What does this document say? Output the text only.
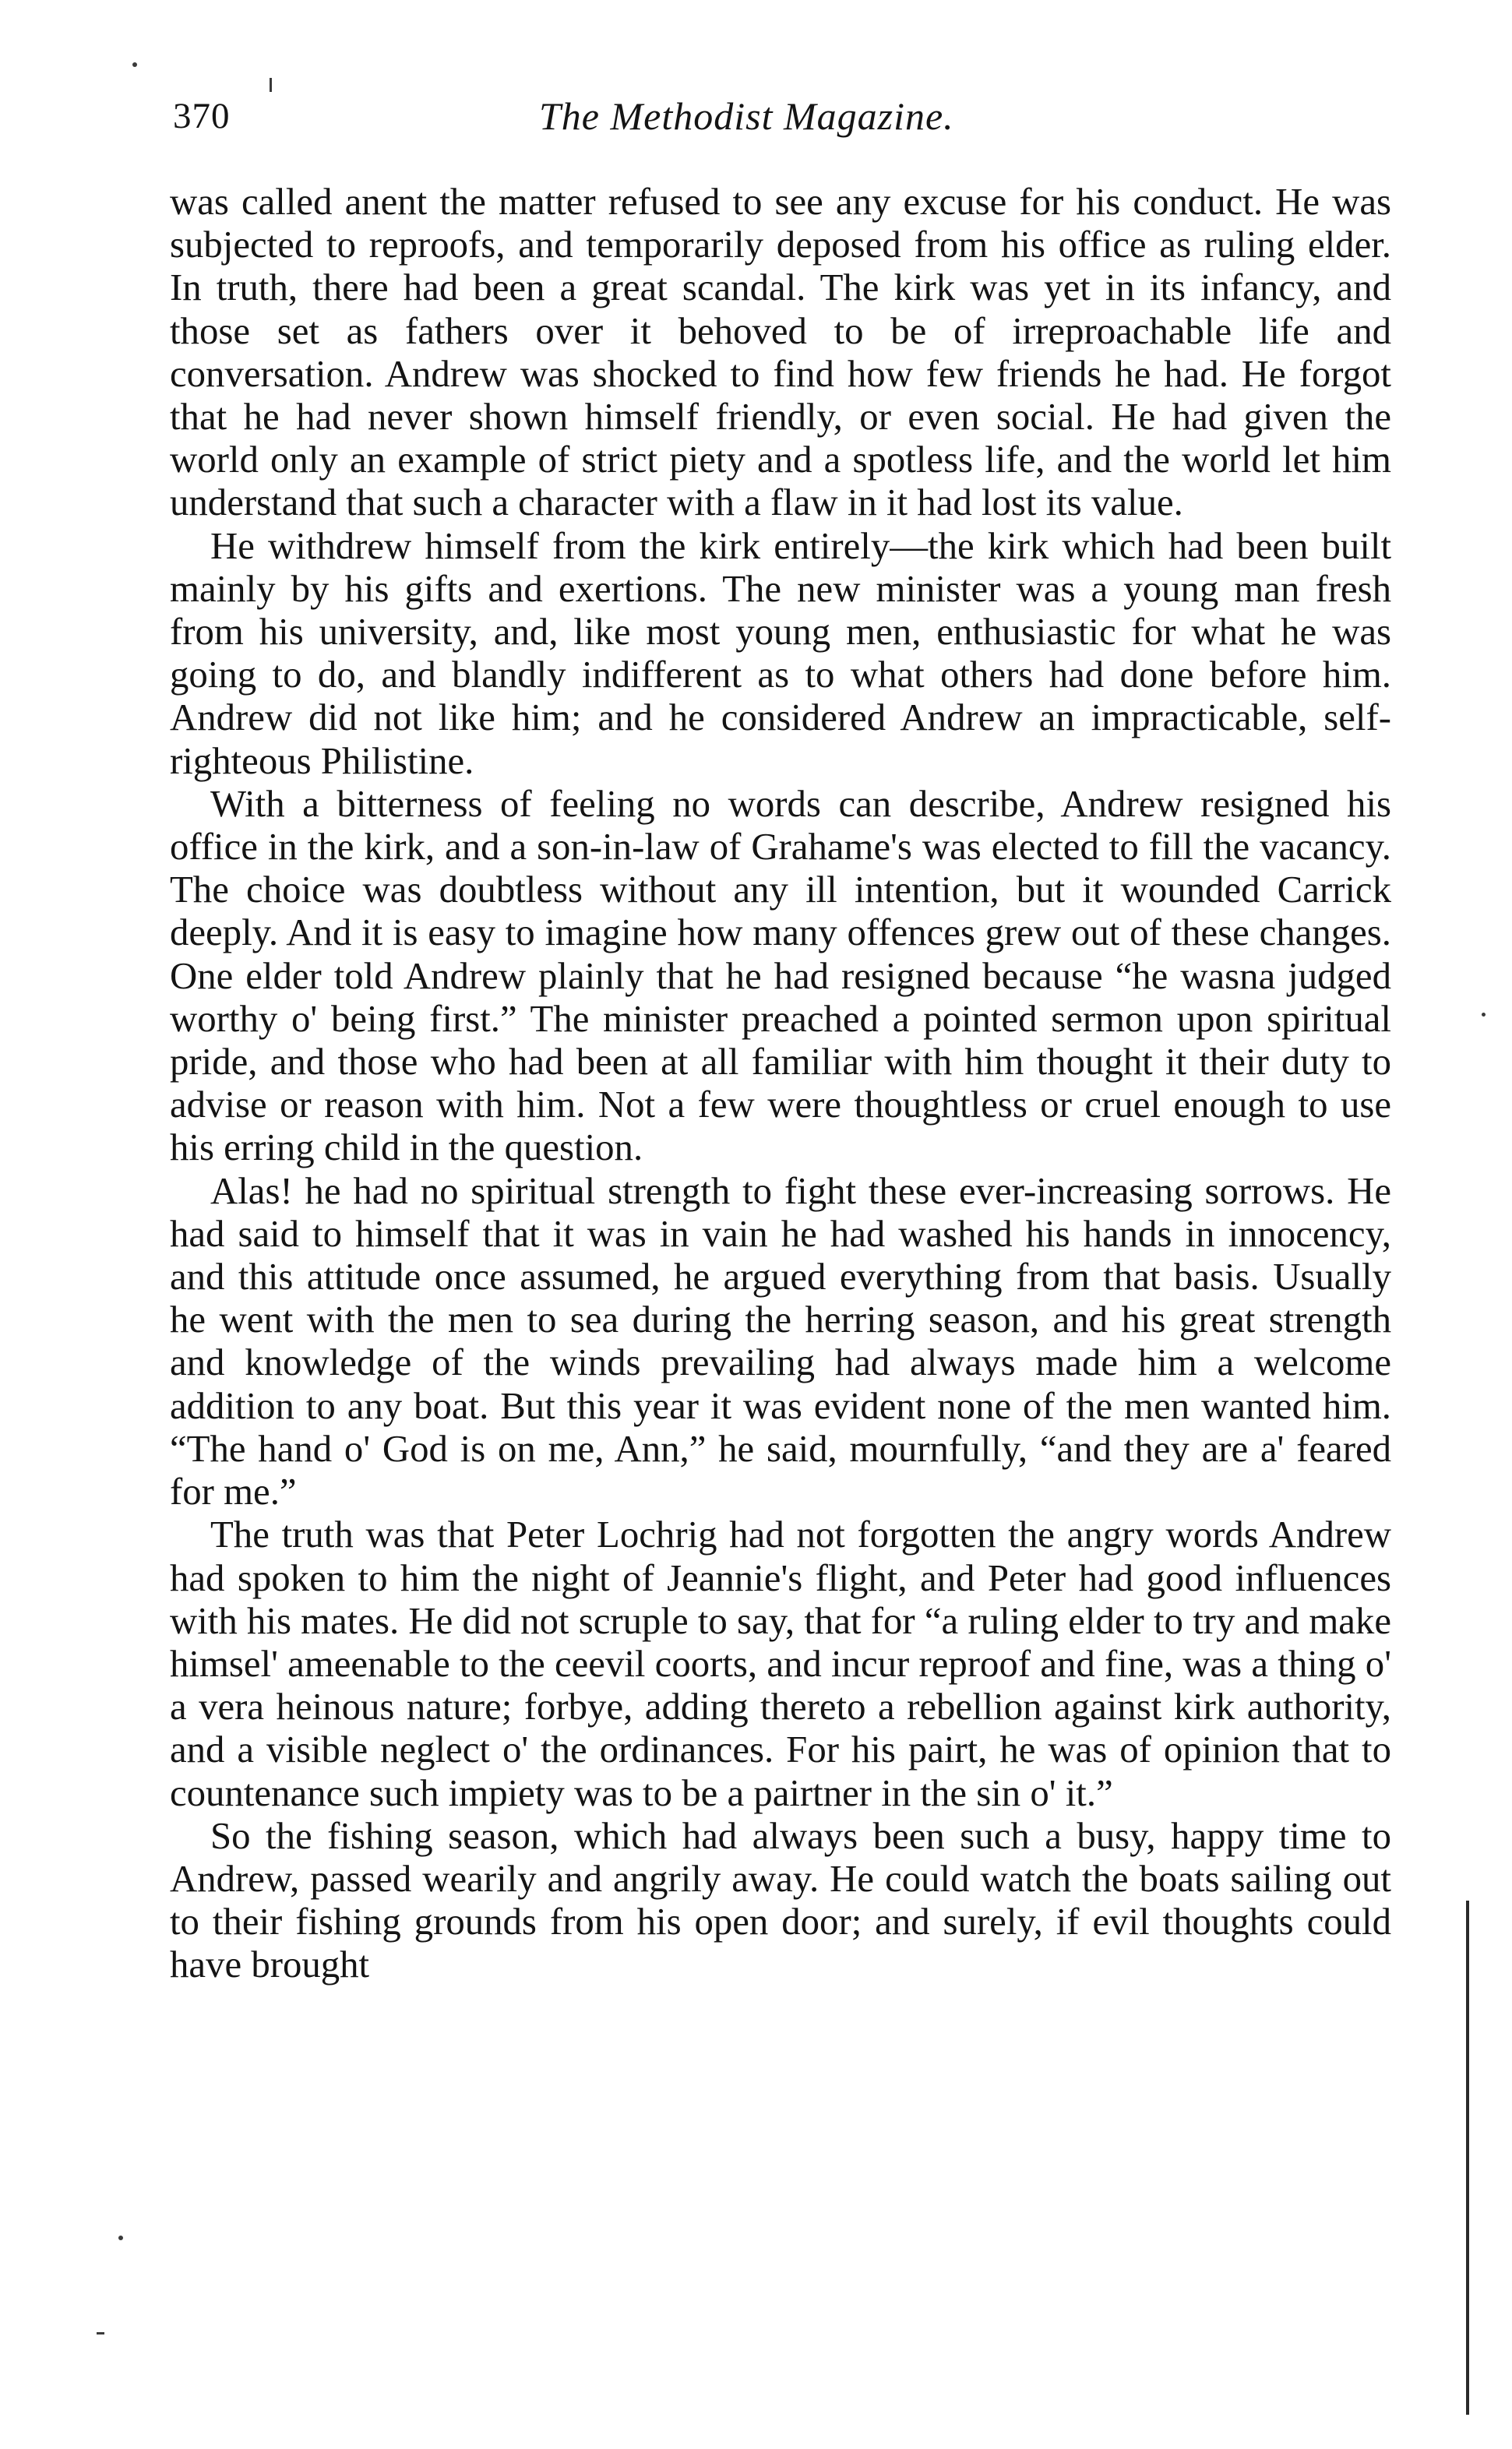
370	The Methodist Magazine.

was called anent the matter refused to see any excuse for his conduct. He was subjected to reproofs, and temporarily deposed from his office as ruling elder. In truth, there had been a great scandal. The kirk was yet in its infancy, and those set as fathers over it behoved to be of irreproachable life and conversation. Andrew was shocked to find how few friends he had. He forgot that he had never shown himself friendly, or even social. He had given the world only an example of strict piety and a spotless life, and the world let him understand that such a character with a flaw in it had lost its value.

He withdrew himself from the kirk entirely—the kirk which had been built mainly by his gifts and exertions. The new minister was a young man fresh from his university, and, like most young men, enthusiastic for what he was going to do, and blandly indifferent as to what others had done before him. Andrew did not like him; and he considered Andrew an impracticable, self-righteous Philistine.

With a bitterness of feeling no words can describe, Andrew resigned his office in the kirk, and a son-in-law of Grahame's was elected to fill the vacancy. The choice was doubtless without any ill intention, but it wounded Carrick deeply. And it is easy to imagine how many offences grew out of these changes. One elder told Andrew plainly that he had resigned because “he wasna judged worthy o' being first.” The minister preached a pointed sermon upon spiritual pride, and those who had been at all familiar with him thought it their duty to advise or reason with him. Not a few were thoughtless or cruel enough to use his erring child in the question.

Alas! he had no spiritual strength to fight these ever-increasing sorrows. He had said to himself that it was in vain he had washed his hands in innocency, and this attitude once assumed, he argued everything from that basis. Usually he went with the men to sea during the herring season, and his great strength and knowledge of the winds prevailing had always made him a welcome addition to any boat. But this year it was evident none of the men wanted him. “The hand o' God is on me, Ann,” he said, mournfully, “and they are a' feared for me.”

The truth was that Peter Lochrig had not forgotten the angry words Andrew had spoken to him the night of Jeannie's flight, and Peter had good influences with his mates. He did not scruple to say, that for “a ruling elder to try and make himsel' ameenable to the ceevil coorts, and incur reproof and fine, was a thing o' a vera heinous nature; forbye, adding thereto a rebellion against kirk authority, and a visible neglect o' the ordinances. For his pairt, he was of opinion that to countenance such impiety was to be a pairtner in the sin o' it.”

So the fishing season, which had always been such a busy, happy time to Andrew, passed wearily and angrily away. He could watch the boats sailing out to their fishing grounds from his open door; and surely, if evil thoughts could have brought
